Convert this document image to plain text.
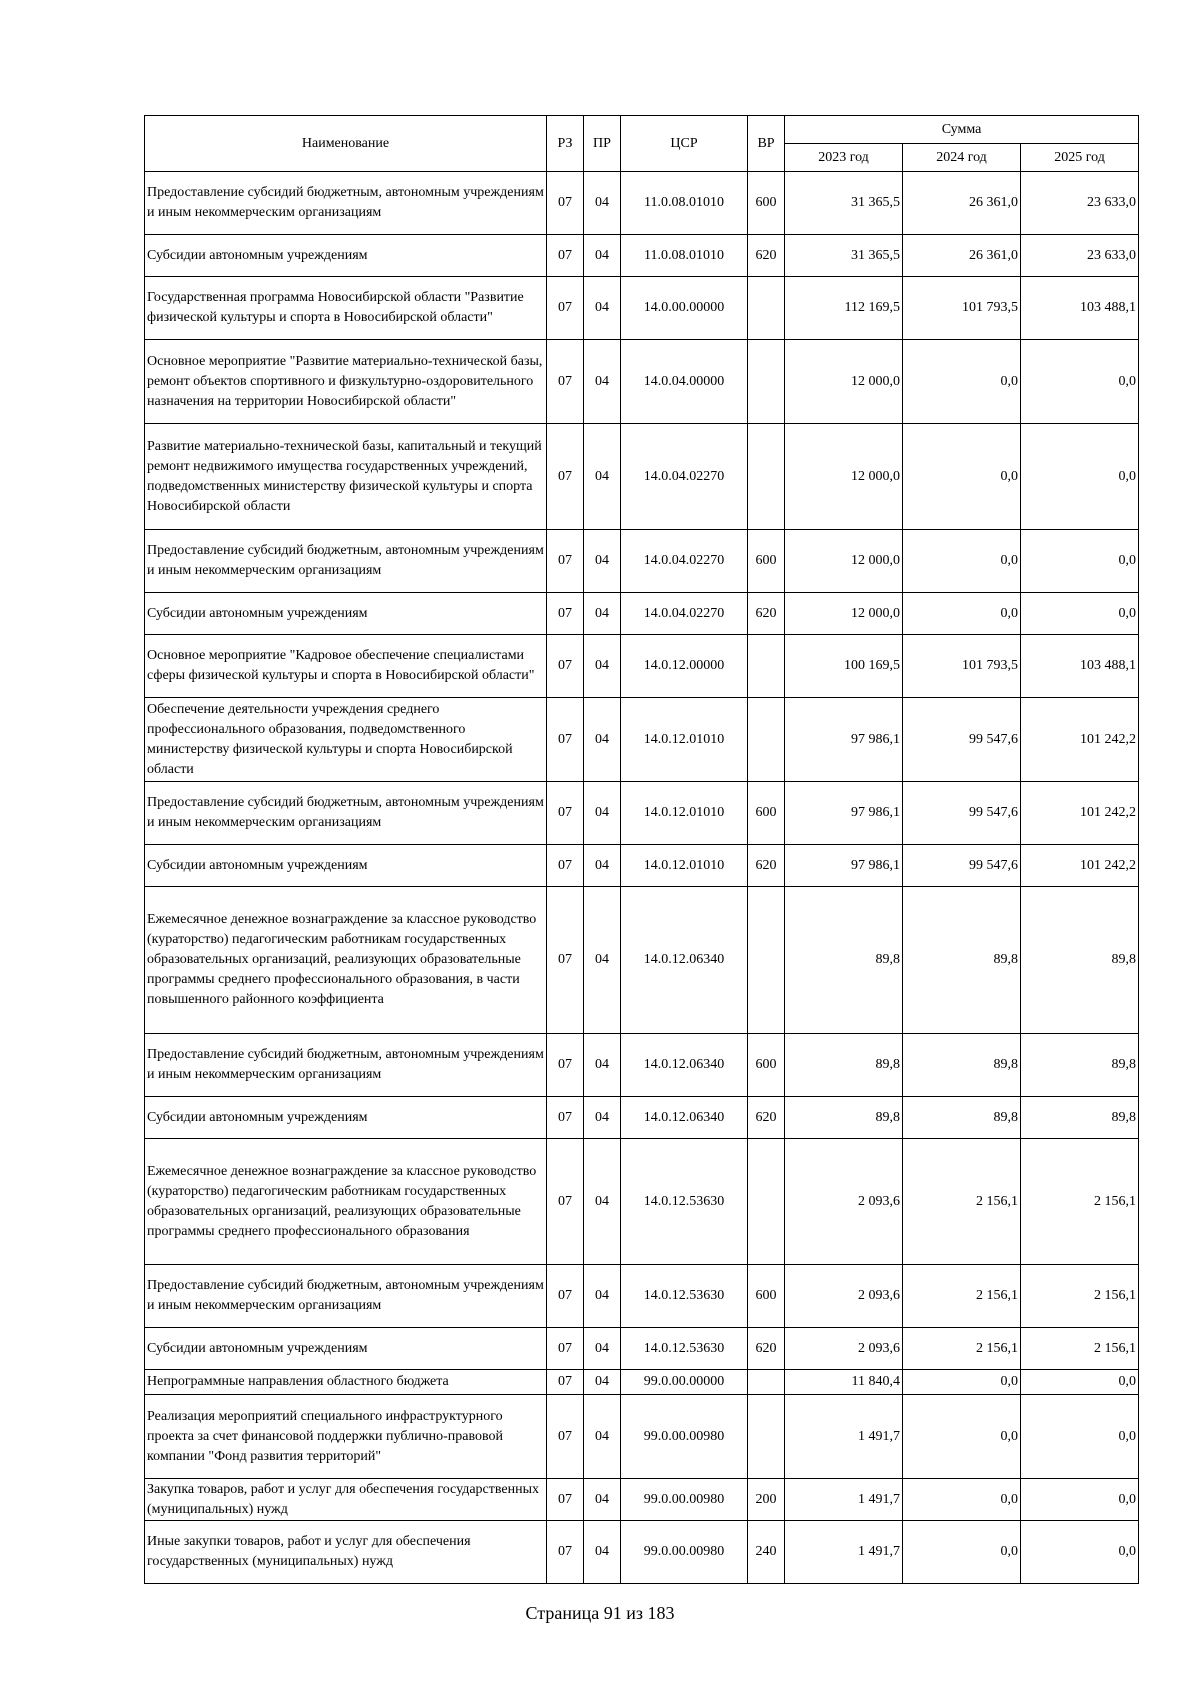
Наименование	РЗ	ПР	ЦСР	ВР	Сумма		
					2023 год	2024 год	2025 год
Предоставление субсидий бюджетным, автономным учреждениям и иным некоммерческим организациям	07	04	11.0.08.01010	600	31 365,5	26 361,0	23 633,0
Субсидии автономным учреждениям	07	04	11.0.08.01010	620	31 365,5	26 361,0	23 633,0
Государственная программа Новосибирской области "Развитие физической культуры и спорта в Новосибирской области"	07	04	14.0.00.00000		112 169,5	101 793,5	103 488,1
Основное мероприятие "Развитие материально-технической базы, ремонт объектов спортивного и физкультурно-оздоровительного назначения на территории Новосибирской области"	07	04	14.0.04.00000		12 000,0	0,0	0,0
Развитие материально-технической базы, капитальный и текущий ремонт недвижимого имущества государственных учреждений, подведомственных министерству физической культуры и спорта Новосибирской области	07	04	14.0.04.02270		12 000,0	0,0	0,0
Предоставление субсидий бюджетным, автономным учреждениям и иным некоммерческим организациям	07	04	14.0.04.02270	600	12 000,0	0,0	0,0
Субсидии автономным учреждениям	07	04	14.0.04.02270	620	12 000,0	0,0	0,0
Основное мероприятие "Кадровое обеспечение специалистами сферы физической культуры и спорта в Новосибирской области"	07	04	14.0.12.00000		100 169,5	101 793,5	103 488,1
Обеспечение деятельности учреждения среднего профессионального образования, подведомственного министерству физической культуры и спорта Новосибирской области	07	04	14.0.12.01010		97 986,1	99 547,6	101 242,2
Предоставление субсидий бюджетным, автономным учреждениям и иным некоммерческим организациям	07	04	14.0.12.01010	600	97 986,1	99 547,6	101 242,2
Субсидии автономным учреждениям	07	04	14.0.12.01010	620	97 986,1	99 547,6	101 242,2
Ежемесячное денежное вознаграждение за классное руководство (кураторство) педагогическим работникам государственных образовательных организаций, реализующих образовательные программы среднего профессионального образования, в части повышенного районного коэффициента	07	04	14.0.12.06340		89,8	89,8	89,8
Предоставление субсидий бюджетным, автономным учреждениям и иным некоммерческим организациям	07	04	14.0.12.06340	600	89,8	89,8	89,8
Субсидии автономным учреждениям	07	04	14.0.12.06340	620	89,8	89,8	89,8
Ежемесячное денежное вознаграждение за классное руководство (кураторство) педагогическим работникам государственных образовательных организаций, реализующих образовательные программы среднего профессионального образования	07	04	14.0.12.53630		2 093,6	2 156,1	2 156,1
Предоставление субсидий бюджетным, автономным учреждениям и иным некоммерческим организациям	07	04	14.0.12.53630	600	2 093,6	2 156,1	2 156,1
Субсидии автономным учреждениям	07	04	14.0.12.53630	620	2 093,6	2 156,1	2 156,1
Непрограммные направления областного бюджета	07	04	99.0.00.00000		11 840,4	0,0	0,0
Реализация мероприятий специального инфраструктурного проекта за счет финансовой поддержки публично-правовой компании "Фонд развития территорий"	07	04	99.0.00.00980		1 491,7	0,0	0,0
Закупка товаров, работ и услуг для обеспечения государственных (муниципальных) нужд	07	04	99.0.00.00980	200	1 491,7	0,0	0,0
Иные закупки товаров, работ и услуг для обеспечения государственных (муниципальных) нужд	07	04	99.0.00.00980	240	1 491,7	0,0	0,0
Страница 91 из 183
